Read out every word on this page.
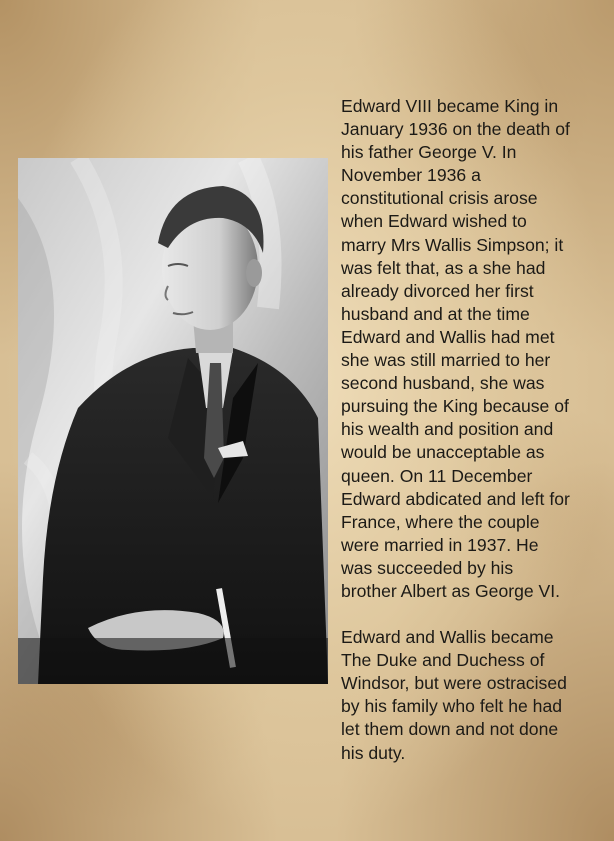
Edward VIII became King in
January 1936 on the death of
his father George V. In
November 1936 a
constitutional crisis arose
when Edward wished to
marry Mrs Wallis Simpson; it
was felt that, as a she had
already divorced her first
husband and at the time
Edward and Wallis had met
she was still married to her
second husband, she was
pursuing the King because of
his wealth and position and
would be unacceptable as
queen. On 11 December
Edward abdicated and left for
France, where the couple
were married in 1937. He
was succeeded by his
brother Albert as George VI.

Edward and Wallis became
The Duke and Duchess of
Windsor, but were ostracised
by his family who felt he had
let them down and not done
his duty.
